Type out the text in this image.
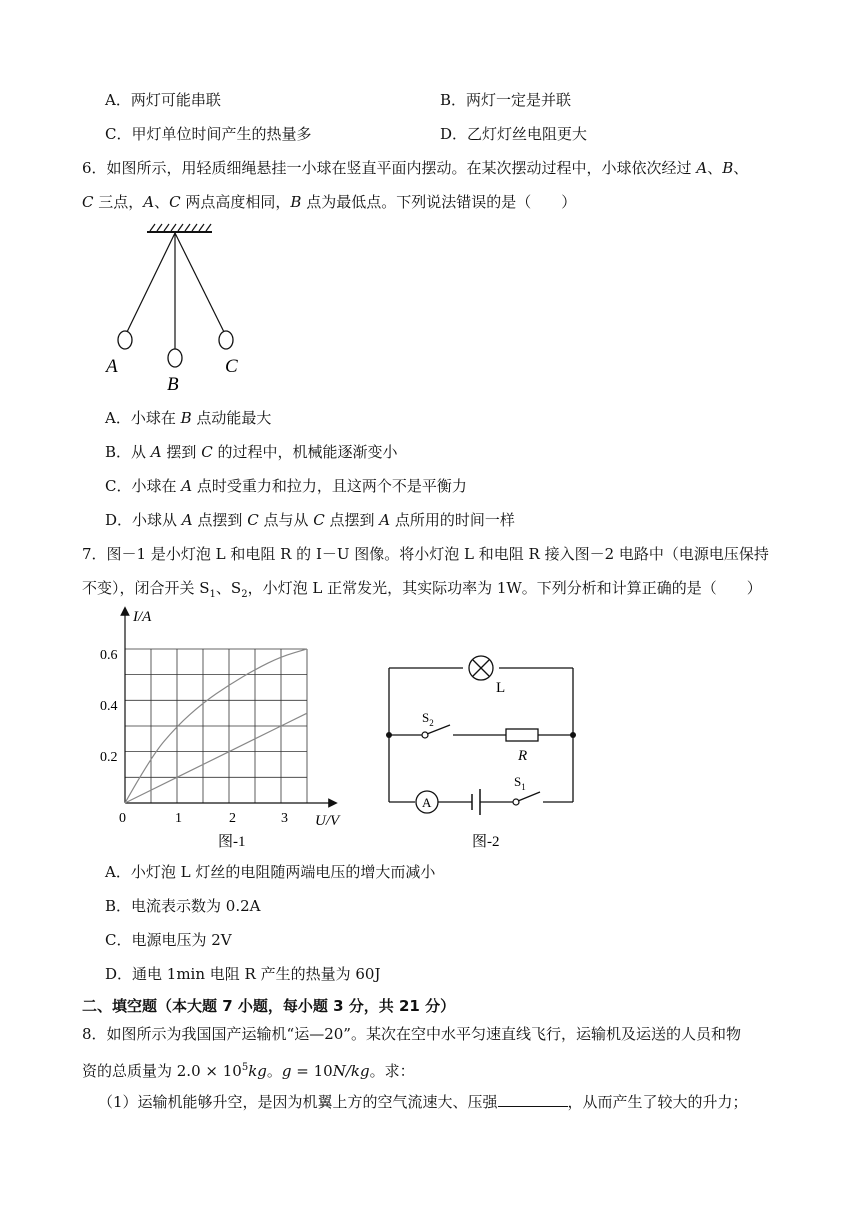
A．两灯可能串联	B．两灯一定是并联
C．甲灯单位时间产生的热量多	D．乙灯灯丝电阻更大
6．如图所示，用轻质细绳悬挂一小球在竖直平面内摆动。在某次摆动过程中，小球依次经过 A、B、
C 三点，A、C 两点高度相同，B 点为最低点。下列说法错误的是（　　）
A
B
C
A．小球在 B 点动能最大
B．从 A 摆到 C 的过程中，机械能逐渐变小
C．小球在 A 点时受重力和拉力，且这两个不是平衡力
D．小球从 A 点摆到 C 点与从 C 点摆到 A 点所用的时间一样
7．图－1 是小灯泡 L 和电阻 R 的 I－U 图像。将小灯泡 L 和电阻 R 接入图－2 电路中（电源电压保持
不变），闭合开关 $S_1$、$S_2$，小灯泡 L 正常发光，其实际功率为 1W。下列分析和计算正确的是（　　）
I/A
U/V
0.6
0.4
0.2
0	1	2	3
图-1
L
$S_2$
R
A
$S_1$
图-2
A．小灯泡 L 灯丝的电阻随两端电压的增大而减小
B．电流表示数为 0.2A
C．电源电压为 2V
D．通电 1min 电阻 R 产生的热量为 60J
二、填空题（本大题 7 小题，每小题 3 分，共 21 分）
8．如图所示为我国国产运输机“运—20”。某次在空中水平匀速直线飞行，运输机及运送的人员和物
资的总质量为 $2.0 \times 10^5kg$。g = 10N/kg。求：
（1）运输机能够升空，是因为机翼上方的空气流速大、压强	，从而产生了较大的升力；
